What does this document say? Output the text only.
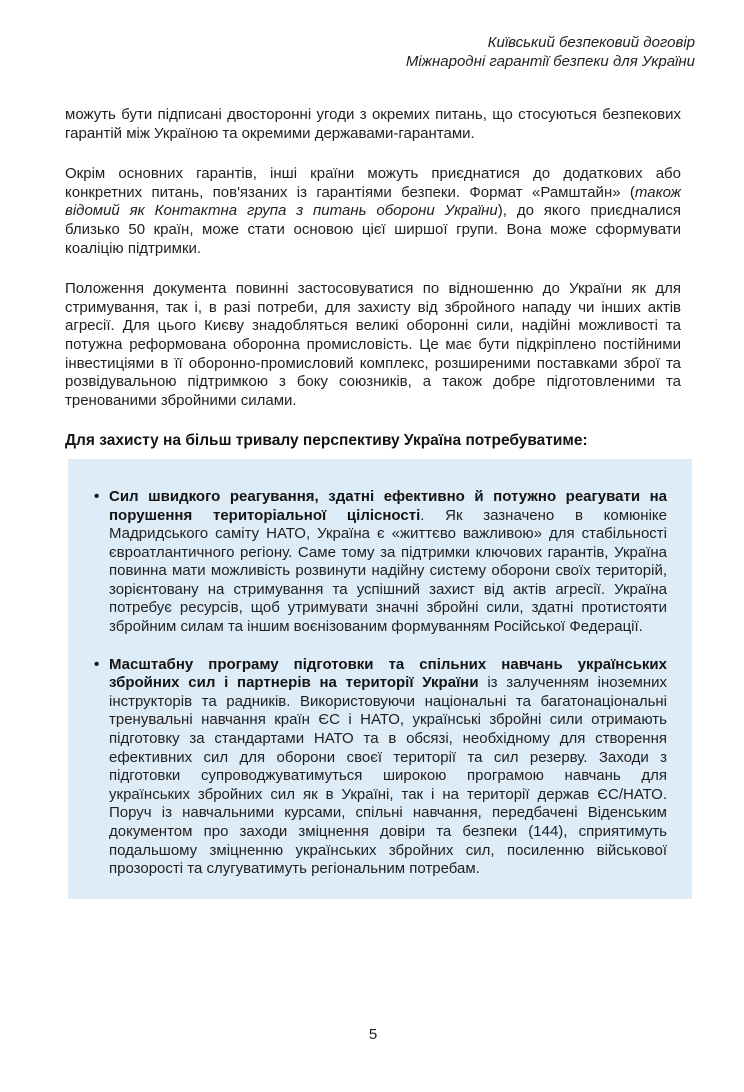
Київський безпековий договір
Міжнародні гарантії безпеки для України

можуть бути підписані двосторонні угоди з окремих питань, що стосуються безпекових гарантій між Україною та окремими державами-гарантами.

Окрім основних гарантів, інші країни можуть приєднатися до додаткових або конкретних питань, пов'язаних із гарантіями безпеки. Формат «Рамштайн» (також відомий як Контактна група з питань оборони України), до якого приєдналися близько 50 країн, може стати основою цієї ширшої групи. Вона може сформувати коаліцію підтримки.

Положення документа повинні застосовуватися по відношенню до України як для стримування, так і, в разі потреби, для захисту від збройного нападу чи інших актів агресії. Для цього Києву знадобляться великі оборонні сили, надійні можливості та потужна реформована оборонна промисловість. Це має бути підкріплено постійними інвестиціями в її оборонно-промисловий комплекс, розширеними поставками зброї та розвідувальною підтримкою з боку союзників, а також добре підготовленими та тренованими збройними силами.

Для захисту на більш тривалу перспективу Україна потребуватиме:
• Сил швидкого реагування, здатні ефективно й потужно реагувати на порушення територіальної цілісності. Як зазначено в комюніке Мадридського саміту НАТО, Україна є «життєво важливою» для стабільності євроатлантичного регіону. Саме тому за підтримки ключових гарантів, Україна повинна мати можливість розвинути надійну систему оборони своїх територій, зорієнтовану на стримування та успішний захист від актів агресії. Україна потребує ресурсів, щоб утримувати значні збройні сили, здатні протистояти збройним силам та іншим воєнізованим формуванням Російської Федерації.
• Масштабну програму підготовки та спільних навчань українських збройних сил і партнерів на території України із залученням іноземних інструкторів та радників. Використовуючи національні та багатонаціональні тренувальні навчання країн ЄС і НАТО, українські збройні сили отримають підготовку за стандартами НАТО та в обсязі, необхідному для створення ефективних сил для оборони своєї території та сил резерву. Заходи з підготовки супроводжуватимуться широкою програмою навчань для українських збройних сил як в Україні, так і на території держав ЄС/НАТО. Поруч із навчальними курсами, спільні навчання, передбачені Віденським документом про заходи зміцнення довіри та безпеки (144), сприятимуть подальшому зміцненню українських збройних сил, посиленню військової прозорості та слугуватимуть регіональним потребам.
5
